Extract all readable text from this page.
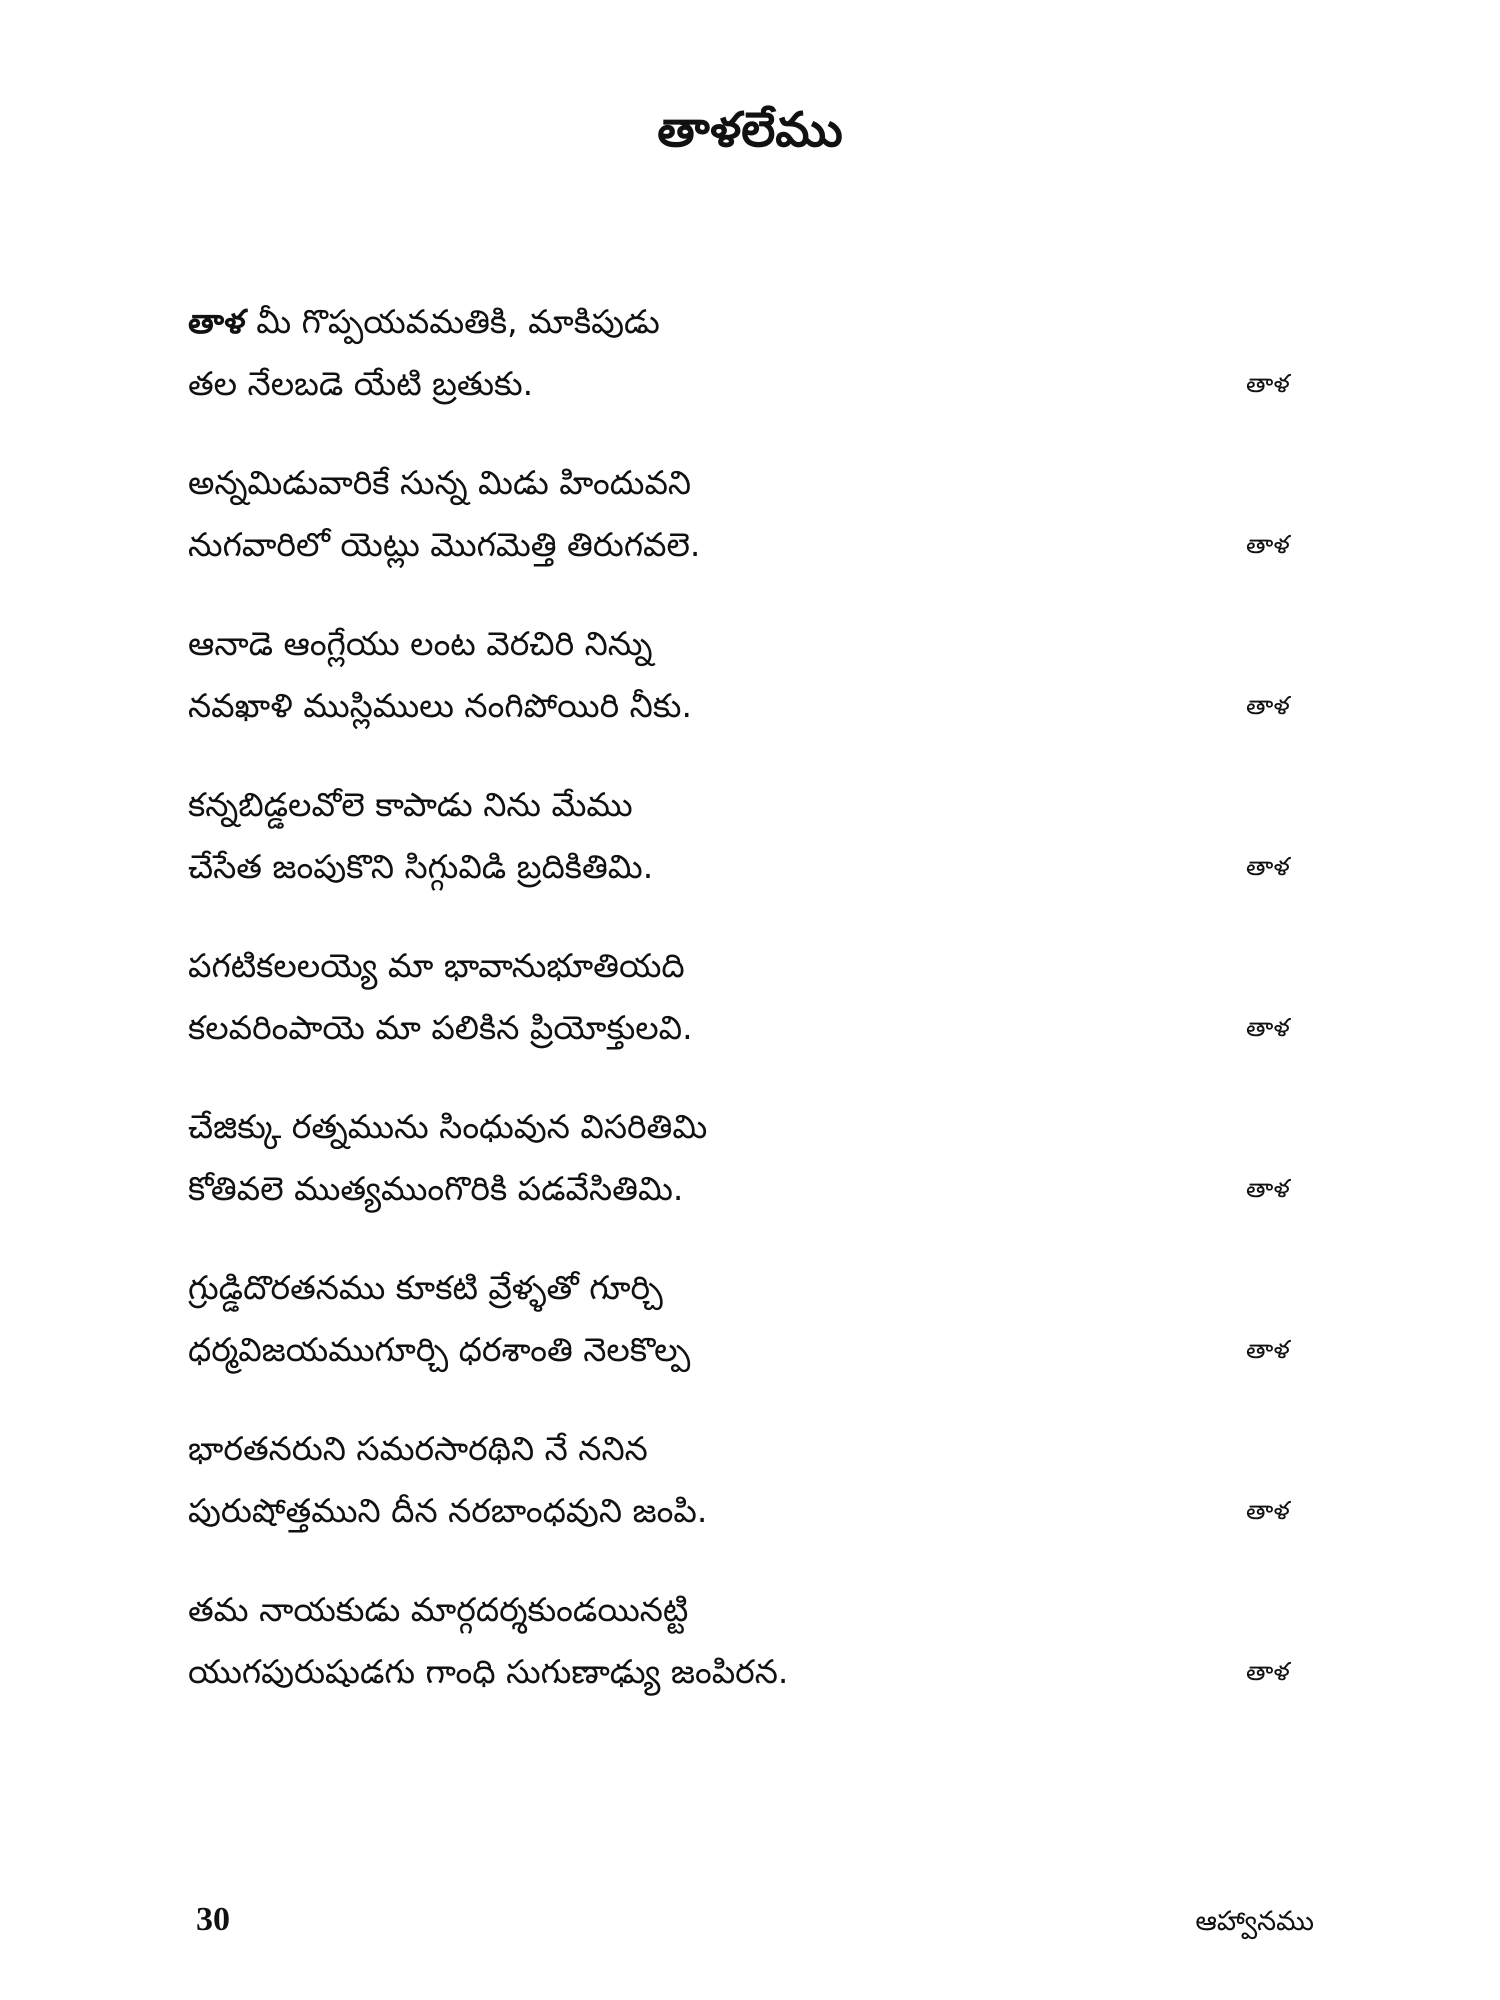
తాళలేము
తాళ మీ గొప్పయవమతికి, మాకిపుడు
తల నేలబడె యేటి బ్రతుకు.	తాళ
అన్నమిడువారికే సున్న మిడు హిందువని
నుగవారిలో యెట్లు మొగమెత్తి తిరుగవలె.	తాళ
ఆనాడె ఆంగ్లేయు లంట వెరచిరి నిన్ను
నవఖాళి ముస్లిములు నంగిపోయిరి నీకు.	తాళ
కన్నబిడ్డలవోలె కాపాడు నిను మేము
చేసేత జంపుకొని సిగ్గువిడి బ్రదికితిమి.	తాళ
పగటికలలయ్యె మా భావానుభూతియది
కలవరింపాయె మా పలికిన ప్రియోక్తులవి.	తాళ
చేజిక్కు రత్నమును సింధువున విసరితిమి
కోతివలె ముత్యముంగొరికి పడవేసితిమి.	తాళ
గ్రుడ్డిదొరతనము కూకటి వ్రేళ్ళతో గూర్చి
ధర్మవిజయముగూర్చి ధరశాంతి నెలకొల్ప	తాళ
భారతనరుని సమరసారథిని నే ననిన
పురుషోత్తముని దీన నరబాంధవుని జంపి.	తాళ
తమ నాయకుడు మార్గదర్శకుండయినట్టి
యుగపురుషుడగు గాంధి సుగుణాఢ్యు జంపిరన.	తాళ
30	ఆహ్వానము
